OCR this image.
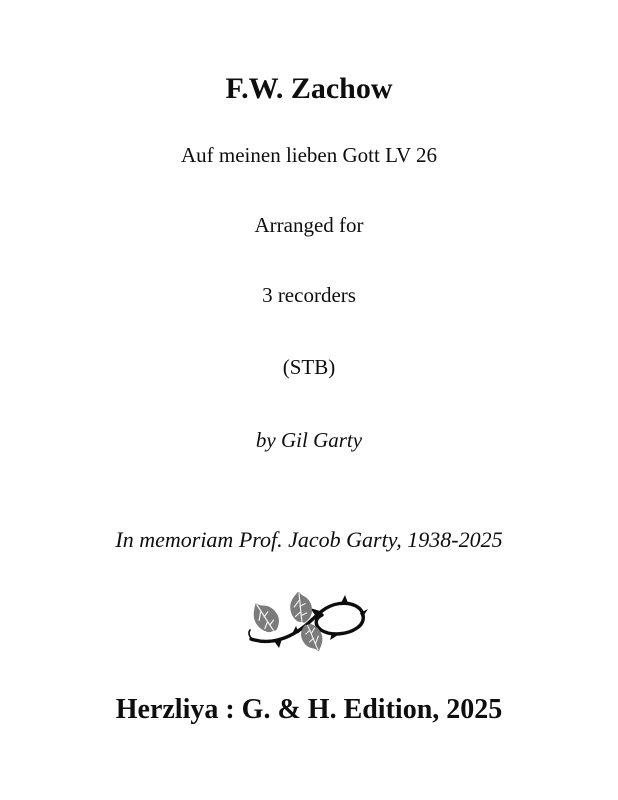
F.W. Zachow
Auf meinen lieben Gott LV 26
Arranged for
3 recorders
(STB)
by Gil Garty
In memoriam Prof. Jacob Garty, 1938-2025
Herzliya : G. & H. Edition, 2025
